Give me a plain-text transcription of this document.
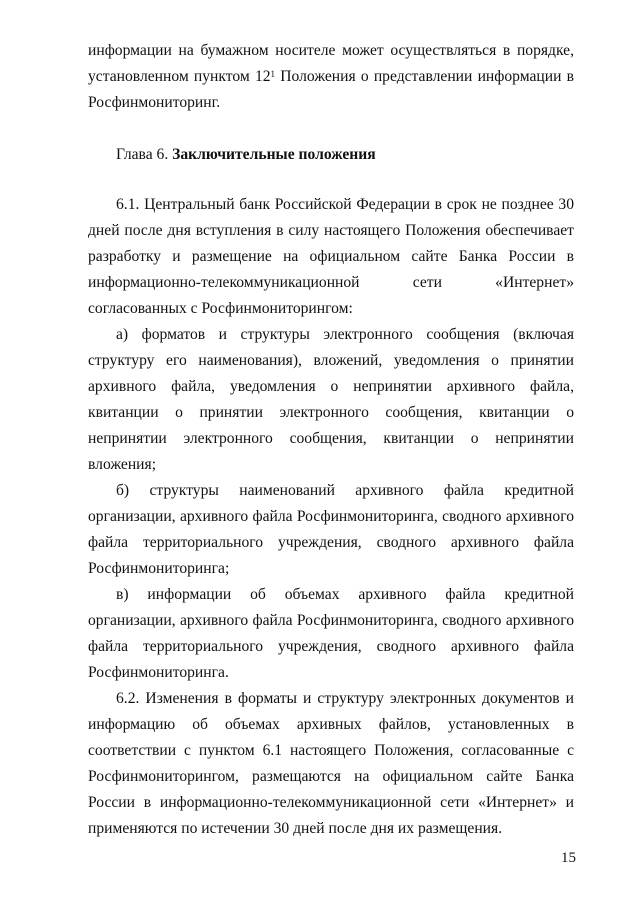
информации на бумажном носителе может осуществляться в порядке, установленном пунктом $12^1$ Положения о представлении информации в Росфинмониторинг.

Глава 6. Заключительные положения

6.1. Центральный банк Российской Федерации в срок не позднее 30 дней после дня вступления в силу настоящего Положения обеспечивает разработку и размещение на официальном сайте Банка России в информационно-телекоммуникационной сети «Интернет» согласованных с Росфинмониторингом:

а) форматов и структуры электронного сообщения (включая структуру его наименования), вложений, уведомления о принятии архивного файла, уведомления о непринятии архивного файла, квитанции о принятии электронного сообщения, квитанции о непринятии электронного сообщения, квитанции о непринятии вложения;

б) структуры наименований архивного файла кредитной организации, архивного файла Росфинмониторинга, сводного архивного файла территориального учреждения, сводного архивного файла Росфинмониторинга;

в) информации об объемах архивного файла кредитной организации, архивного файла Росфинмониторинга, сводного архивного файла территориального учреждения, сводного архивного файла Росфинмониторинга.

6.2. Изменения в форматы и структуру электронных документов и информацию об объемах архивных файлов, установленных в соответствии с пунктом 6.1 настоящего Положения, согласованные с Росфинмониторингом, размещаются на официальном сайте Банка России в информационно-телекоммуникационной сети «Интернет» и применяются по истечении 30 дней после дня их размещения.

15
